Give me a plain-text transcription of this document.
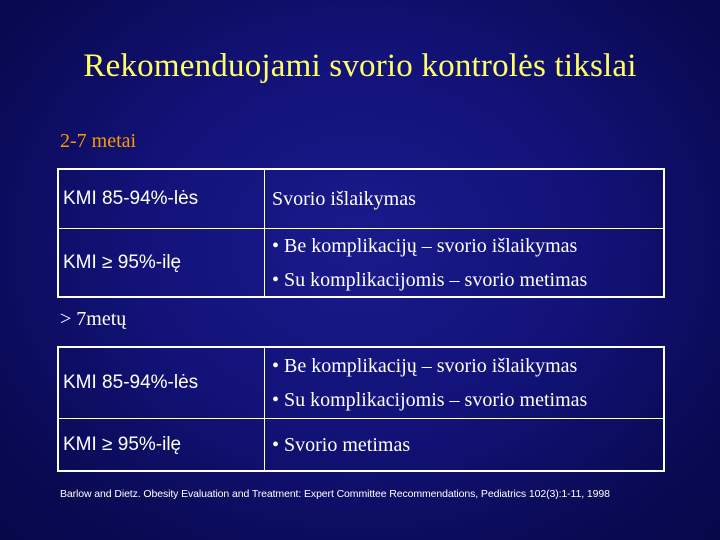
Rekomenduojami svorio kontrolės tikslai
2-7 metai
KMI 85-94%-lės	Svorio išlaikymas
KMI ≥ 95%-ilę
• Be komplikacijų – svorio išlaikymas
• Su komplikacijomis – svorio metimas
> 7metų
KMI 85-94%-lės
• Be komplikacijų – svorio išlaikymas
• Su komplikacijomis – svorio metimas
KMI ≥ 95%-ilę	• Svorio metimas
Barlow and Dietz. Obesity Evaluation and Treatment: Expert Committee Recommendations, Pediatrics 102(3):1-11, 1998
